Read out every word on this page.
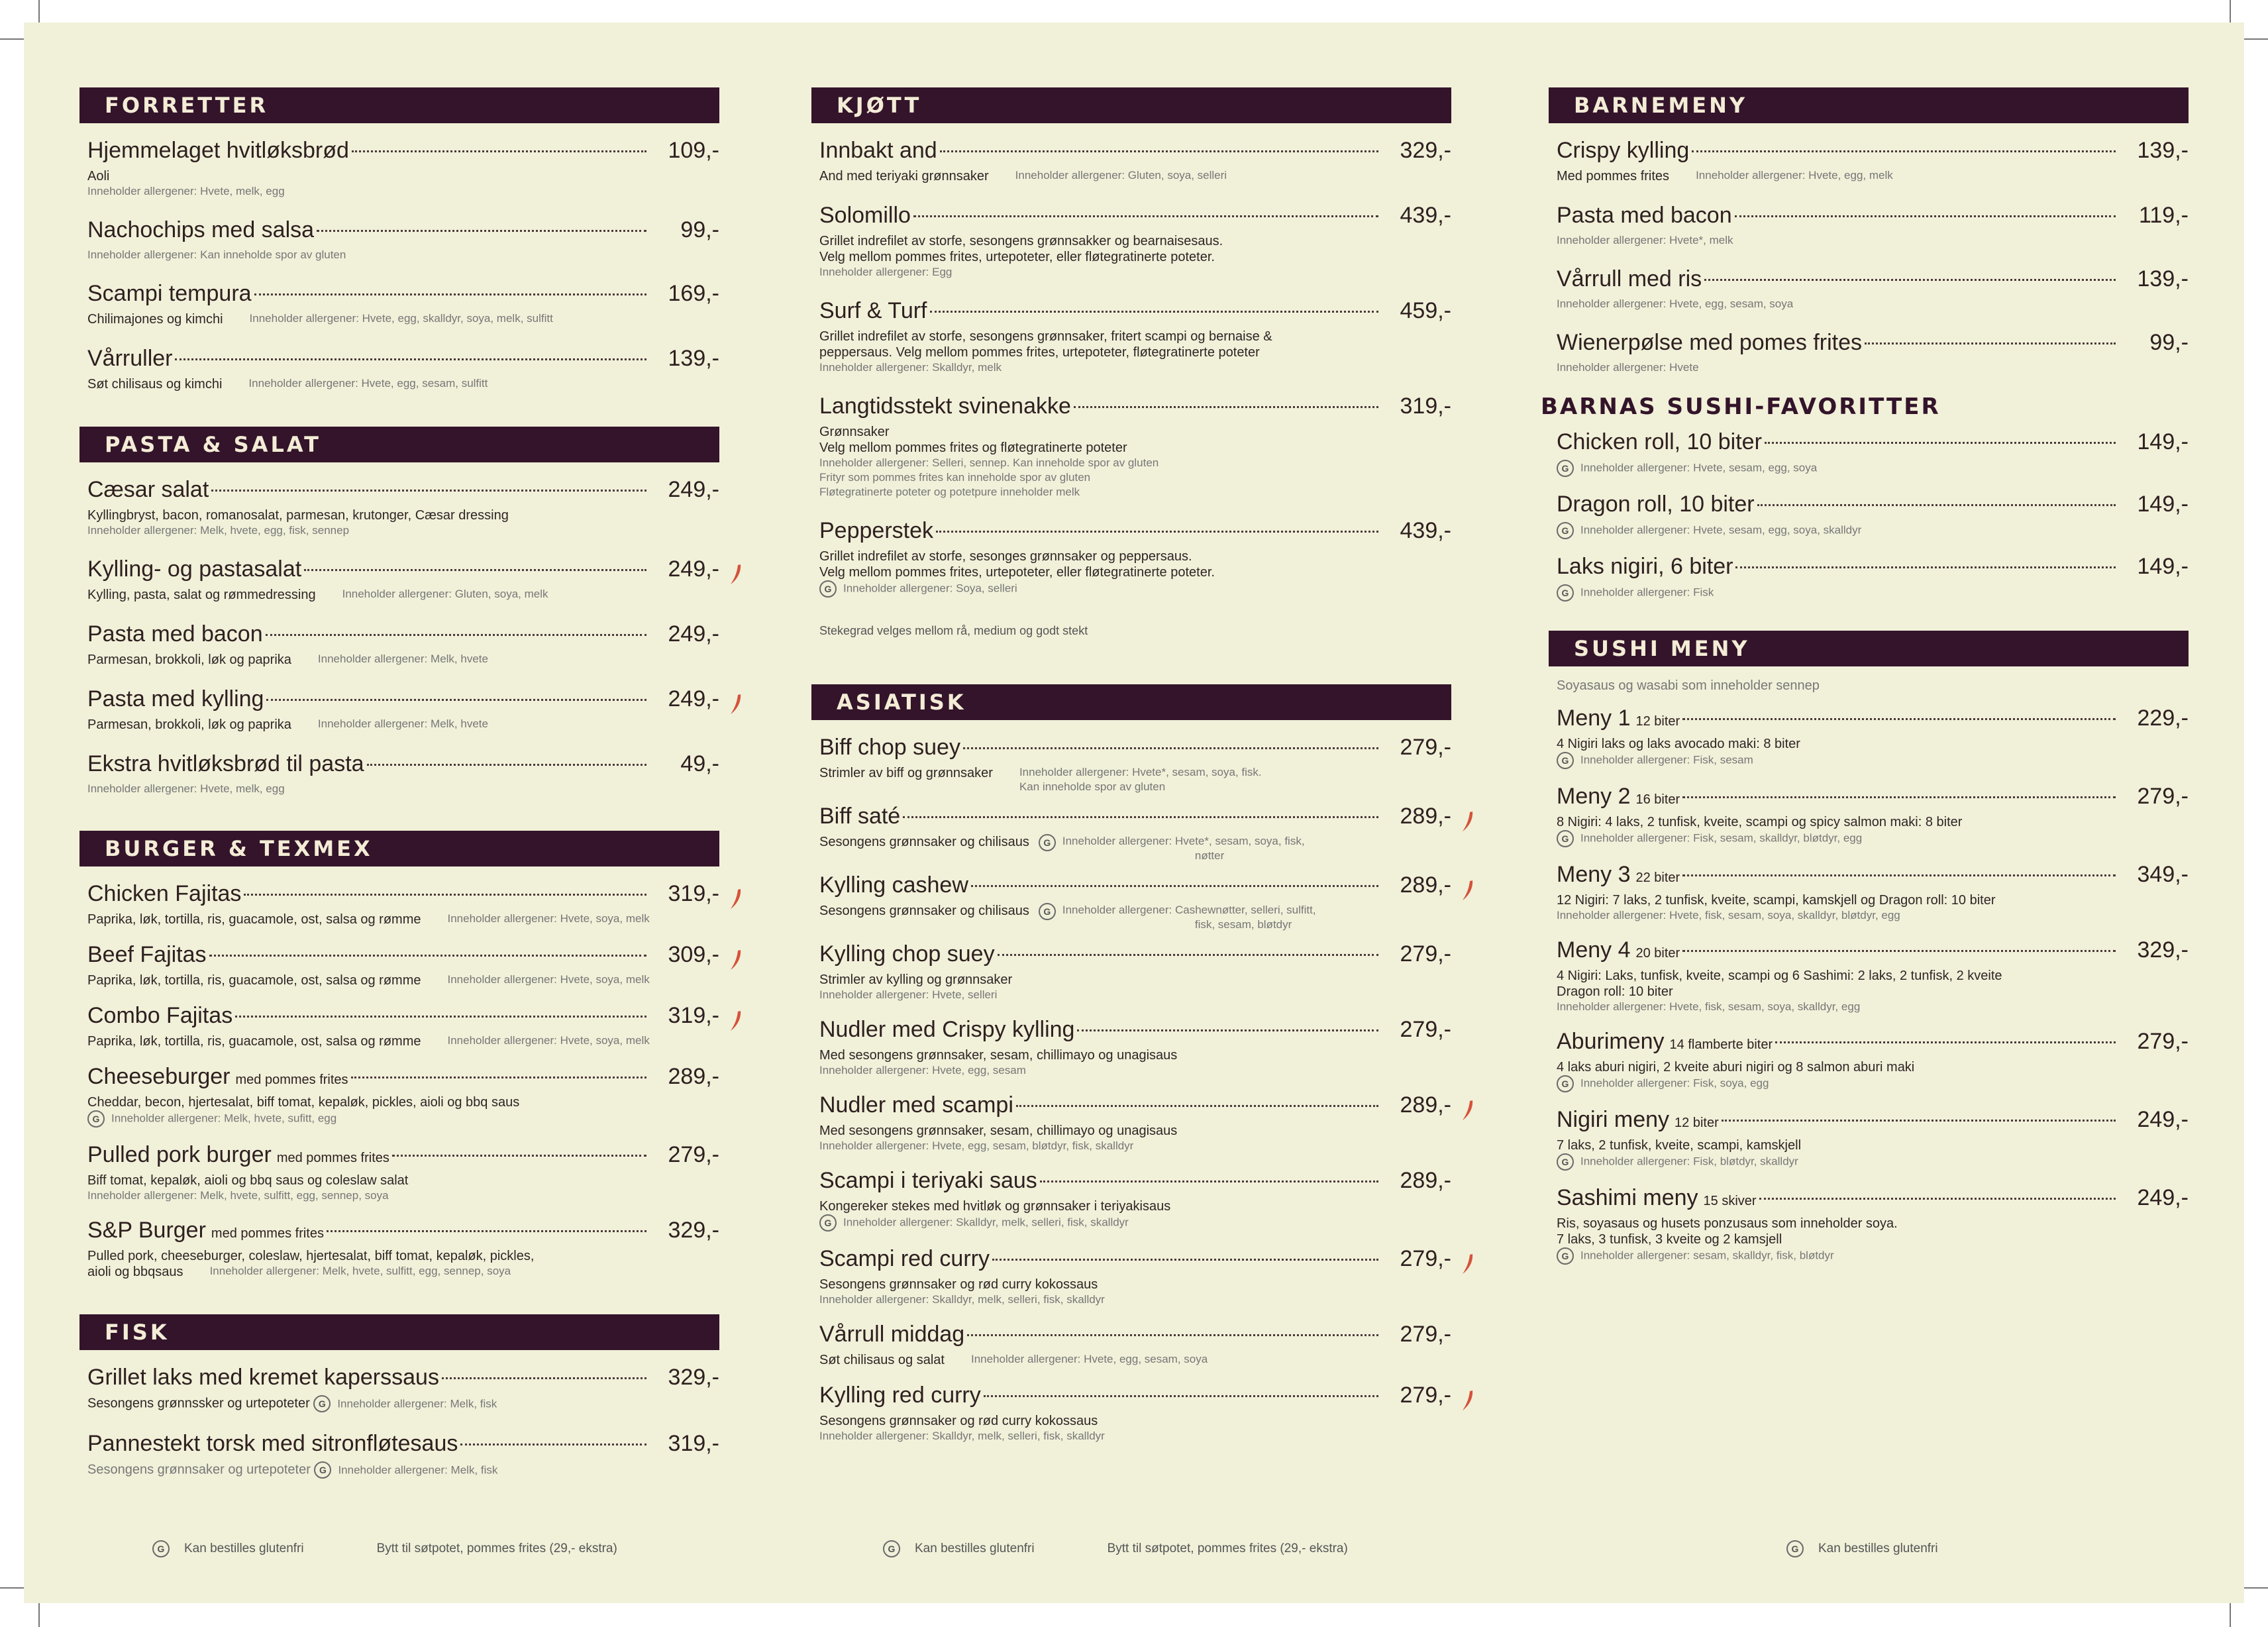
FORRETTER
Hjemmelaget hvitløksbrød	109,-
Aoli
Inneholder allergener: Hvete, melk, egg
Nachochips med salsa	99,-
Inneholder allergener: Kan inneholde spor av gluten
Scampi tempura	169,-
Chilimajones og kimchi Inneholder allergener: Hvete, egg, skalldyr, soya, melk, sulfitt
Vårruller	139,-
Søt chilisaus og kimchi Inneholder allergener: Hvete, egg, sesam, sulfitt
PASTA & SALAT
Cæsar salat	249,-
Kyllingbryst, bacon, romanosalat, parmesan, krutonger, Cæsar dressing
Inneholder allergener: Melk, hvete, egg, fisk, sennep
Kylling- og pastasalat	249,-
Kylling, pasta, salat og rømmedressing Inneholder allergener: Gluten, soya, melk
Pasta med bacon	249,-
Parmesan, brokkoli, løk og paprika Inneholder allergener: Melk, hvete
Pasta med kylling	249,-
Parmesan, brokkoli, løk og paprika Inneholder allergener: Melk, hvete
Ekstra hvitløksbrød til pasta	49,-
Inneholder allergener: Hvete, melk, egg
BURGER & TEXMEX
Chicken Fajitas	319,-
Paprika, løk, tortilla, ris, guacamole, ost, salsa og rømme Inneholder allergener: Hvete, soya, melk
Beef Fajitas	309,-
Paprika, løk, tortilla, ris, guacamole, ost, salsa og rømme Inneholder allergener: Hvete, soya, melk
Combo Fajitas	319,-
Paprika, løk, tortilla, ris, guacamole, ost, salsa og rømme Inneholder allergener: Hvete, soya, melk
Cheeseburger med pommes frites	289,-
Cheddar, becon, hjertesalat, biff tomat, kepaløk, pickles, aioli og bbq saus
G Inneholder allergener: Melk, hvete, sufitt, egg
Pulled pork burger med pommes frites	279,-
Biff tomat, kepaløk, aioli og bbq saus og coleslaw salat
Inneholder allergener: Melk, hvete, sulfitt, egg, sennep, soya
S&P Burger med pommes frites	329,-
Pulled pork, cheeseburger, coleslaw, hjertesalat, biff tomat, kepaløk, pickles,
aioli og bbqsaus Inneholder allergener: Melk, hvete, sulfitt, egg, sennep, soya
FISK
Grillet laks med kremet kaperssaus	329,-
Sesongens grønnssker og urtepoteter G Inneholder allergener: Melk, fisk
Pannestekt torsk med sitronfløtesaus	319,-
Sesongens grønnsaker og urtepoteter G Inneholder allergener: Melk, fisk
G	Kan bestilles glutenfri	Bytt til søtpotet, pommes frites (29,- ekstra)
KJØTT
Innbakt and	329,-
And med teriyaki grønnsaker Inneholder allergener: Gluten, soya, selleri
Solomillo	439,-
Grillet indrefilet av storfe, sesongens grønnsakker og bearnaisesaus.
Velg mellom pommes frites, urtepoteter, eller fløtegratinerte poteter.
Inneholder allergener: Egg
Surf & Turf	459,-
Grillet indrefilet av storfe, sesongens grønnsaker, fritert scampi og bernaise &
peppersaus. Velg mellom pommes frites, urtepoteter, fløtegratinerte poteter
Inneholder allergener: Skalldyr, melk
Langtidsstekt svinenakke	319,-
Grønnsaker
Velg mellom pommes frites og fløtegratinerte poteter
Inneholder allergener: Selleri, sennep. Kan inneholde spor av gluten
Frityr som pommes frites kan inneholde spor av gluten
Fløtegratinerte poteter og potetpure inneholder melk
Pepperstek	439,-
Grillet indrefilet av storfe, sesonges grønnsaker og peppersaus.
Velg mellom pommes frites, urtepoteter, eller fløtegratinerte poteter.
G Inneholder allergener: Soya, selleri
Stekegrad velges mellom rå, medium og godt stekt
ASIATISK
Biff chop suey	279,-
Strimler av biff og grønnsaker Inneholder allergener: Hvete*, sesam, soya, fisk.
Kan inneholde spor av gluten
Biff saté	289,-
Sesongens grønnsaker og chilisaus	G	Inneholder allergener: Hvete*, sesam, soya, fisk,
nøtter
Kylling cashew	289,-
Sesongens grønnsaker og chilisaus	G	Inneholder allergener: Cashewnøtter, selleri, sulfitt,
fisk, sesam, bløtdyr
Kylling chop suey	279,-
Strimler av kylling og grønnsaker
Inneholder allergener: Hvete, selleri
Nudler med Crispy kylling	279,-
Med sesongens grønnsaker, sesam, chillimayo og unagisaus
Inneholder allergener: Hvete, egg, sesam
Nudler med scampi	289,-
Med sesongens grønnsaker, sesam, chillimayo og unagisaus
Inneholder allergener: Hvete, egg, sesam, bløtdyr, fisk, skalldyr
Scampi i teriyaki saus	289,-
Kongereker stekes med hvitløk og grønnsaker i teriyakisaus
G Inneholder allergener: Skalldyr, melk, selleri, fisk, skalldyr
Scampi red curry	279,-
Sesongens grønnsaker og rød curry kokossaus
Inneholder allergener: Skalldyr, melk, selleri, fisk, skalldyr
Vårrull middag	279,-
Søt chilisaus og salat Inneholder allergener: Hvete, egg, sesam, soya
Kylling red curry	279,-
Sesongens grønnsaker og rød curry kokossaus
Inneholder allergener: Skalldyr, melk, selleri, fisk, skalldyr
G	Kan bestilles glutenfri	Bytt til søtpotet, pommes frites (29,- ekstra)
BARNEMENY
Crispy kylling	139,-
Med pommes frites Inneholder allergener: Hvete, egg, melk
Pasta med bacon	119,-
Inneholder allergener: Hvete*, melk
Vårrull med ris	139,-
Inneholder allergener: Hvete, egg, sesam, soya
Wienerpølse med pomes frites	99,-
Inneholder allergener: Hvete
BARNAS SUSHI-FAVORITTER
Chicken roll, 10 biter	149,-
G Inneholder allergener: Hvete, sesam, egg, soya
Dragon roll, 10 biter	149,-
G Inneholder allergener: Hvete, sesam, egg, soya, skalldyr
Laks nigiri, 6 biter	149,-
G Inneholder allergener: Fisk
SUSHI MENY
Soyasaus og wasabi som inneholder sennep
Meny 1 12 biter	229,-
4 Nigiri laks og laks avocado maki: 8 biter
G Inneholder allergener: Fisk, sesam
Meny 2 16 biter	279,-
8 Nigiri: 4 laks, 2 tunfisk, kveite, scampi og spicy salmon maki: 8 biter
G Inneholder allergener: Fisk, sesam, skalldyr, bløtdyr, egg
Meny 3 22 biter	349,-
12 Nigiri: 7 laks, 2 tunfisk, kveite, scampi, kamskjell og Dragon roll: 10 biter
Inneholder allergener: Hvete, fisk, sesam, soya, skalldyr, bløtdyr, egg
Meny 4 20 biter	329,-
4 Nigiri: Laks, tunfisk, kveite, scampi og 6 Sashimi: 2 laks, 2 tunfisk, 2 kveite
Dragon roll: 10 biter
Inneholder allergener: Hvete, fisk, sesam, soya, skalldyr, egg
Aburimeny 14 flamberte biter	279,-
4 laks aburi nigiri, 2 kveite aburi nigiri og 8 salmon aburi maki
G Inneholder allergener: Fisk, soya, egg
Nigiri meny 12 biter	249,-
7 laks, 2 tunfisk, kveite, scampi, kamskjell
G Inneholder allergener: Fisk, bløtdyr, skalldyr
Sashimi meny 15 skiver	249,-
Ris, soyasaus og husets ponzusaus som inneholder soya.
7 laks, 3 tunfisk, 3 kveite og 2 kamsjell
G Inneholder allergener: sesam, skalldyr, fisk, bløtdyr
G	Kan bestilles glutenfri
